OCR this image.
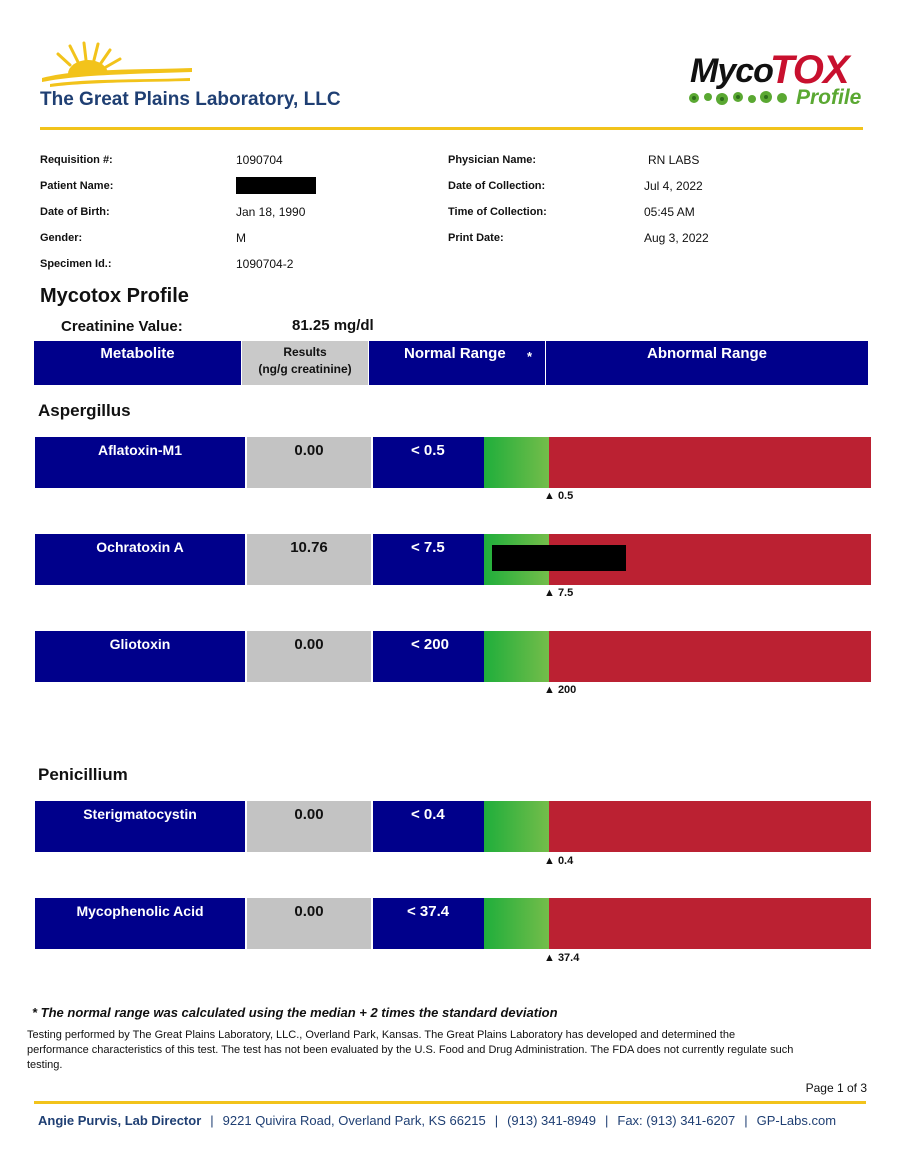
The Great Plains Laboratory, LLC
Myco
TOX
Profile
Requisition #:	1090704
Patient Name:
Date of Birth:	Jan 18, 1990
Gender:	M
Specimen Id.:	1090704-2
Physician Name:	RN LABS
Date of Collection:	Jul 4, 2022
Time of Collection:	05:45 AM
Print Date:	Aug 3, 2022
Mycotox Profile
Creatinine Value:	81.25 mg/dl
Metabolite	Results
(ng/g creatinine)
Normal Range *	Abnormal Range
Aspergillus
Aflatoxin-M1	0.00	< 0.5
▲ 0.5
Ochratoxin A	10.76	< 7.5
▲ 7.5
Gliotoxin	0.00	< 200
▲ 200
Penicillium
Sterigmatocystin	0.00	< 0.4
▲ 0.4
Mycophenolic Acid	0.00	< 37.4
▲ 37.4
* The normal range was calculated using the median + 2 times the standard deviation
Testing performed by The Great Plains Laboratory, LLC., Overland Park, Kansas. The Great Plains Laboratory has developed and determined the performance characteristics of this test. The test has not been evaluated by the U.S. Food and Drug Administration. The FDA does not currently regulate such testing.
Page 1 of 3
Angie Purvis, Lab Director | 9221 Quivira Road, Overland Park, KS 66215 | (913) 341-8949 | Fax: (913) 341-6207 | GP-Labs.com
